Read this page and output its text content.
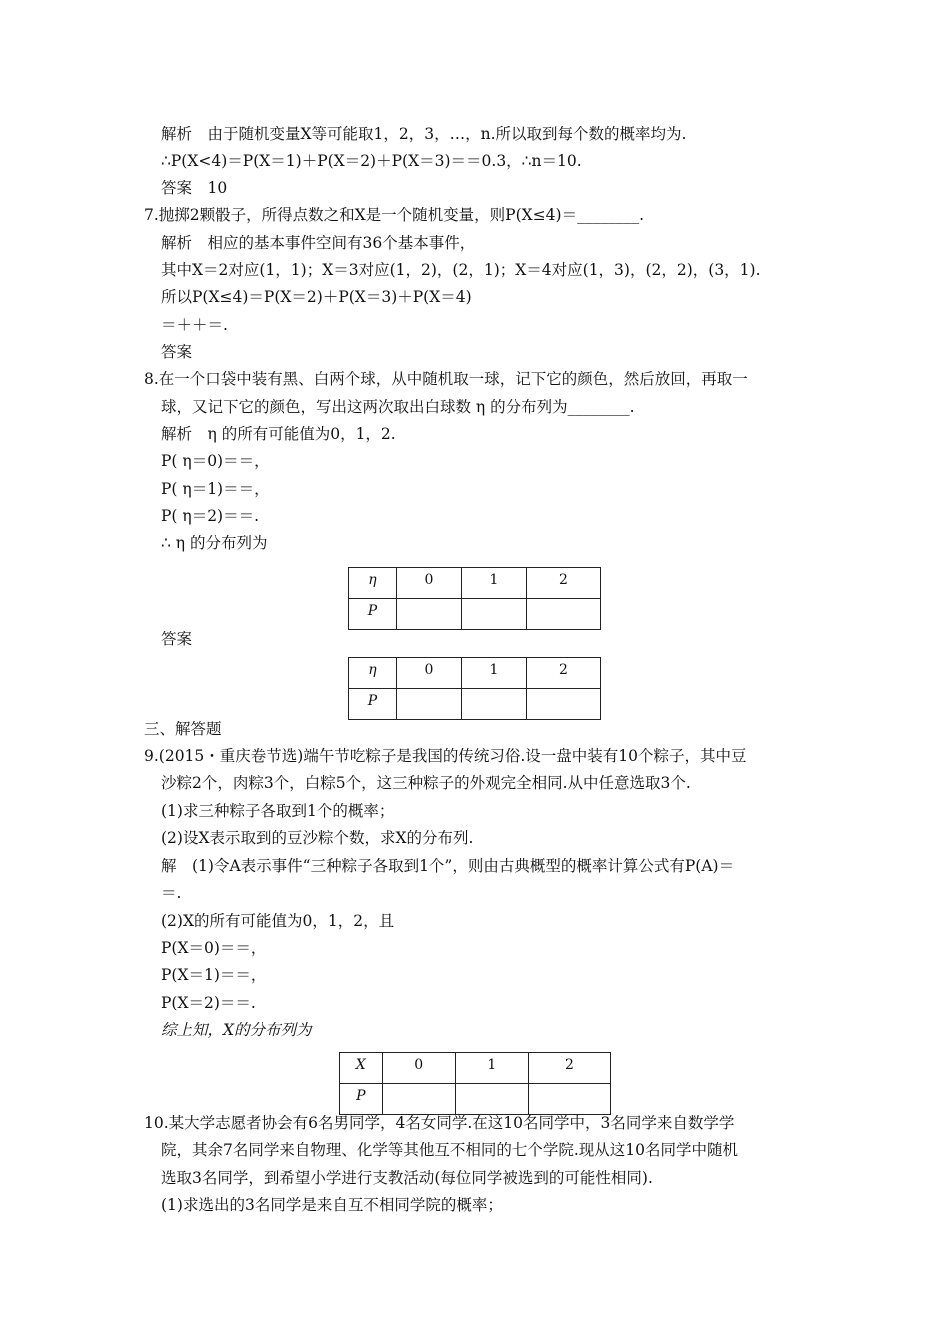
解析　由于随机变量X等可能取1，2，3，…，n.所以取到每个数的概率均为.
∴P(X<4)＝P(X＝1)＋P(X＝2)＋P(X＝3)＝＝0.3，∴n＝10.
答案　10
7.抛掷2颗骰子，所得点数之和X是一个随机变量，则P(X≤4)＝________.
解析　相应的基本事件空间有36个基本事件，
其中X＝2对应(1，1)；X＝3对应(1，2)，(2，1)；X＝4对应(1，3)，(2，2)，(3，1).
所以P(X≤4)＝P(X＝2)＋P(X＝3)＋P(X＝4)
＝＋＋＝.
答案
8.在一个口袋中装有黑、白两个球，从中随机取一球，记下它的颜色，然后放回，再取一
球，又记下它的颜色，写出这两次取出白球数 η 的分布列为________.
解析　η 的所有可能值为0，1，2.
P( η＝0)＝＝，
P( η＝1)＝＝，
P( η＝2)＝＝.
∴ η 的分布列为
η	0	1	2

P			

答案
η	0	1	2

P			

三、解答题
9.(2015・重庆卷节选)端午节吃粽子是我国的传统习俗.设一盘中装有10个粽子，其中豆
沙粽2个，肉粽3个，白粽5个，这三种粽子的外观完全相同.从中任意选取3个.
(1)求三种粽子各取到1个的概率；
(2)设X表示取到的豆沙粽个数，求X的分布列.
解　(1)令A表示事件“三种粽子各取到1个”，则由古典概型的概率计算公式有P(A)＝
＝.
(2)X的所有可能值为0，1，2，且
P(X＝0)＝＝，
P(X＝1)＝＝，
P(X＝2)＝＝.
综上知，X的分布列为
X	0	1	2

P			

10.某大学志愿者协会有6名男同学，4名女同学.在这10名同学中，3名同学来自数学学
院，其余7名同学来自物理、化学等其他互不相同的七个学院.现从这10名同学中随机
选取3名同学，到希望小学进行支教活动(每位同学被选到的可能性相同).
(1)求选出的3名同学是来自互不相同学院的概率；
